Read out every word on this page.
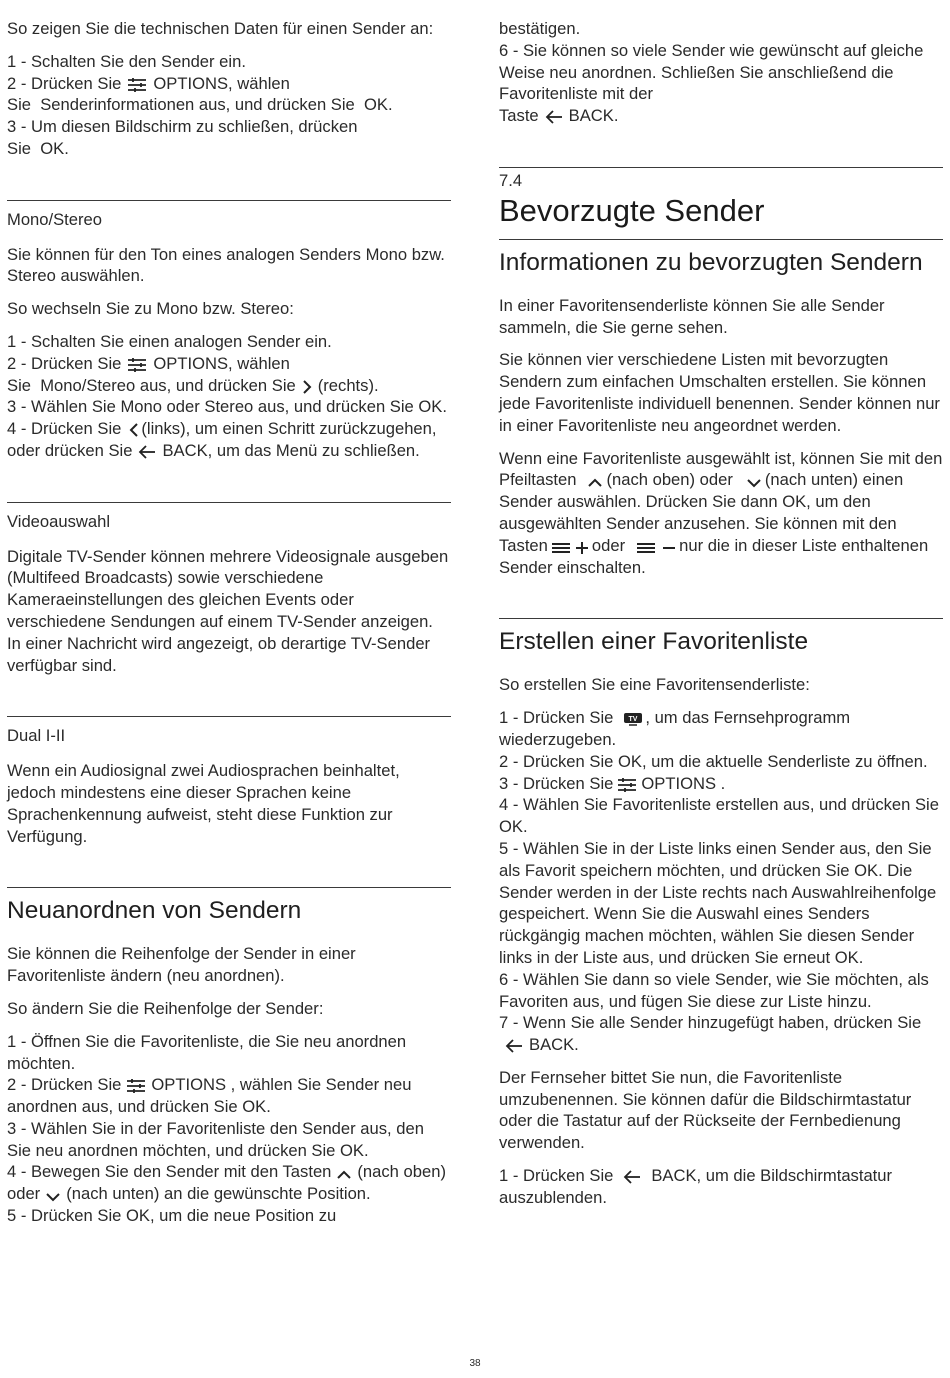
So zeigen Sie die technischen Daten für einen Sender an:

1 - Schalten Sie den Sender ein.

2 - Drücken Sie OPTIONS, wählen

Sie Senderinformationen aus, und drücken Sie OK.

3 - Um diesen Bildschirm zu schließen, drücken

Sie OK.

Mono/Stereo

Sie können für den Ton eines analogen Senders Mono bzw. Stereo auswählen.

So wechseln Sie zu Mono bzw. Stereo:

1 - Schalten Sie einen analogen Sender ein.

2 - Drücken Sie OPTIONS, wählen

Sie Mono/Stereo aus, und drücken Sie (rechts).

3 - Wählen Sie Mono oder Stereo aus, und drücken Sie OK.

4 - Drücken Sie (links), um einen Schritt zurückzugehen, oder drücken Sie BACK, um das Menü zu schließen.

Videoauswahl

Digitale TV-Sender können mehrere Videosignale ausgeben (Multifeed Broadcasts) sowie verschiedene Kameraeinstellungen des gleichen Events oder verschiedene Sendungen auf einem TV-Sender anzeigen. In einer Nachricht wird angezeigt, ob derartige TV-Sender verfügbar sind.

Dual I-II

Wenn ein Audiosignal zwei Audiosprachen beinhaltet, jedoch mindestens eine dieser Sprachen keine Sprachenkennung aufweist, steht diese Funktion zur Verfügung.

Neuanordnen von Sendern

Sie können die Reihenfolge der Sender in einer Favoritenliste ändern (neu anordnen).

So ändern Sie die Reihenfolge der Sender:

1 - Öffnen Sie die Favoritenliste, die Sie neu anordnen möchten.

2 - Drücken Sie OPTIONS , wählen Sie Sender neu anordnen aus, und drücken Sie OK.

3 - Wählen Sie in der Favoritenliste den Sender aus, den Sie neu anordnen möchten, und drücken Sie OK.

4 - Bewegen Sie den Sender mit den Tasten (nach oben) oder (nach unten) an die gewünschte Position.

5 - Drücken Sie OK, um die neue Position zu

bestätigen.

6 - Sie können so viele Sender wie gewünscht auf gleiche Weise neu anordnen. Schließen Sie anschließend die Favoritenliste mit der

Taste BACK.

7.4

Bevorzugte Sender
Informationen zu bevorzugten Sendern

In einer Favoritensenderliste können Sie alle Sender sammeln, die Sie gerne sehen.

Sie können vier verschiedene Listen mit bevorzugten Sendern zum einfachen Umschalten erstellen. Sie können jede Favoritenliste individuell benennen. Sender können nur in einer Favoritenliste neu angeordnet werden.

Wenn eine Favoritenliste ausgewählt ist, können Sie mit den Pfeiltasten (nach oben) oder (nach unten) einen Sender auswählen. Drücken Sie dann OK, um den ausgewählten Sender anzusehen. Sie können mit den Tasten	oder	nur die in dieser Liste enthaltenen Sender einschalten.

Erstellen einer Favoritenliste

So erstellen Sie eine Favoritensenderliste:

1 - Drücken Sie TV , um das Fernsehprogramm wiederzugeben.

2 - Drücken Sie OK, um die aktuelle Senderliste zu öffnen.

3 - Drücken Sie OPTIONS .

4 - Wählen Sie Favoritenliste erstellen aus, und drücken Sie OK.

5 - Wählen Sie in der Liste links einen Sender aus, den Sie als Favorit speichern möchten, und drücken Sie OK. Die Sender werden in der Liste rechts nach Auswahlreihenfolge gespeichert. Wenn Sie die Auswahl eines Senders rückgängig machen möchten, wählen Sie diesen Sender links in der Liste aus, und drücken Sie erneut OK.

6 - Wählen Sie dann so viele Sender, wie Sie möchten, als Favoriten aus, und fügen Sie diese zur Liste hinzu.

7 - Wenn Sie alle Sender hinzugefügt haben, drücken Sie
BACK.

Der Fernseher bittet Sie nun, die Favoritenliste umzubenennen. Sie können dafür die Bildschirmtastatur oder die Tastatur auf der Rückseite der Fernbedienung verwenden.

1 - Drücken Sie BACK, um die Bildschirmtastatur auszublenden.

38
